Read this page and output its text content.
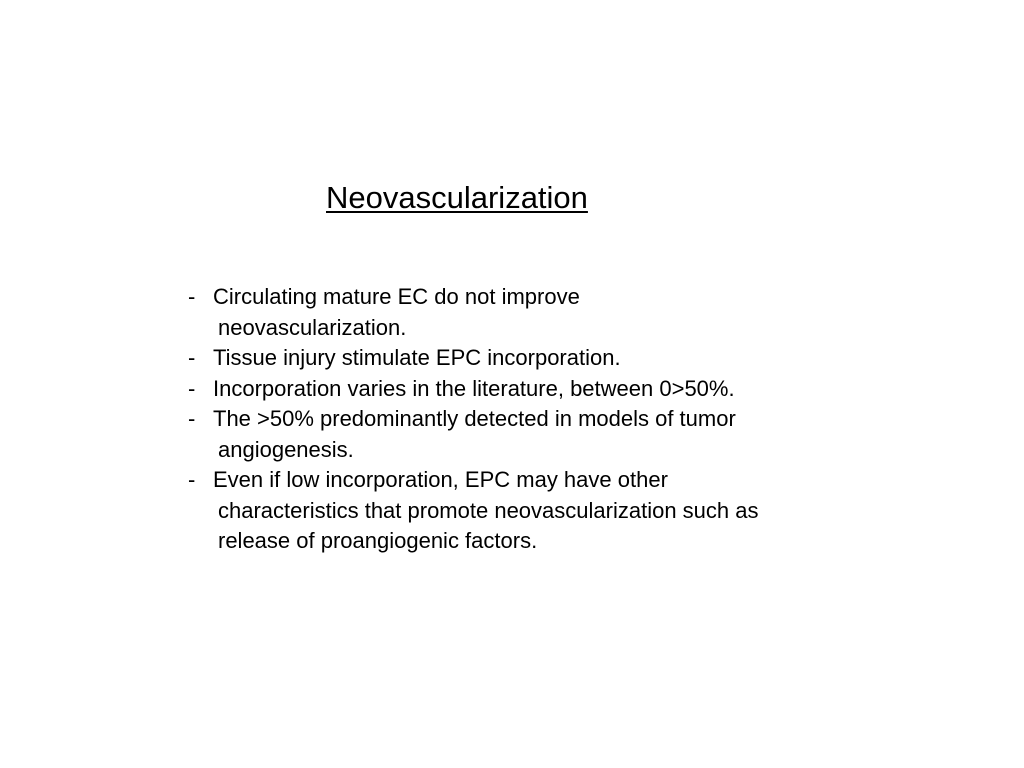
Neovascularization
- Circulating mature EC do not improve
neovascularization.
- Tissue injury stimulate EPC incorporation.
- Incorporation varies in the literature, between 0>50%.
- The >50% predominantly detected in models of tumor
angiogenesis.
- Even if low incorporation, EPC may have other
characteristics that promote neovascularization such as
release of proangiogenic factors.
